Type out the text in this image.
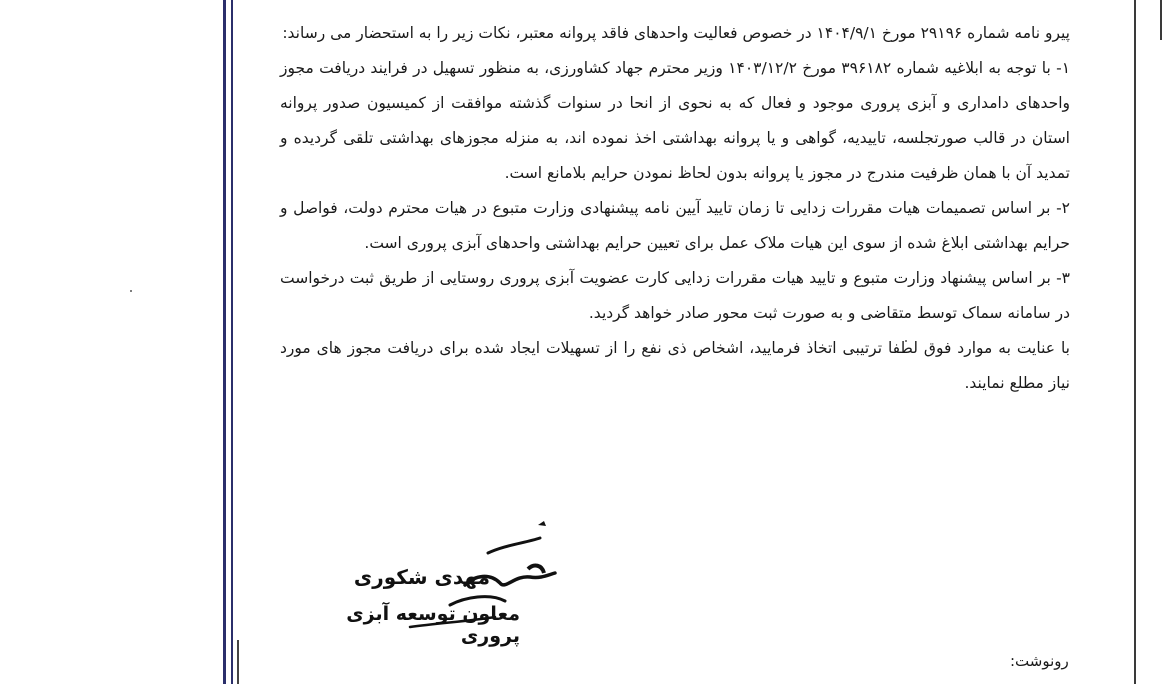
پیرو نامه شماره ۲۹۱۹۶ مورخ ۱۴۰۴/۹/۱ در خصوص فعالیت واحدهای فاقد پروانه معتبر، نکات زیر را به استحضار می رساند:

۱- با توجه به ابلاغیه شماره ۳۹۶۱۸۲ مورخ ۱۴۰۳/۱۲/۲ وزیر محترم جهاد کشاورزی، به منظور تسهیل در فرایند دریافت مجوز واحدهای دامداری و آبزی پروری موجود و فعال که به نحوی از انحا در سنوات گذشته موافقت از کمیسیون صدور پروانه استان در قالب صورتجلسه، تاییدیه، گواهی و یا پروانه بهداشتی اخذ نموده اند، به منزله مجوزهای بهداشتی تلقی گردیده و تمدید آن با همان ظرفیت مندرج در مجوز یا پروانه بدون لحاظ نمودن حرایم بلامانع است.

۲- بر اساس تصمیمات هیات مقررات زدایی تا زمان تایید آیین نامه پیشنهادی وزارت متبوع در هیات محترم دولت، فواصل و حرایم بهداشتی ابلاغ شده از سوی این هیات ملاک عمل برای تعیین حرایم بهداشتی واحدهای آبزی پروری است.

۳- بر اساس پیشنهاد وزارت متبوع و تایید هیات مقررات زدایی کارت عضویت آبزی پروری روستایی از طریق ثبت درخواست در سامانه سماک توسط متقاضی و به صورت ثبت محور صادر خواهد گردید.

با عنایت به موارد فوق لطفا ترتیبی اتخاذ فرمایید، اشخاص ذی نفع را از تسهیلات ایجاد شده برای دریافت مجوز های مورد نیاز مطلع نمایند.

مهدی شکوری
معاون توسعه آبزی پروری
رونوشت:
